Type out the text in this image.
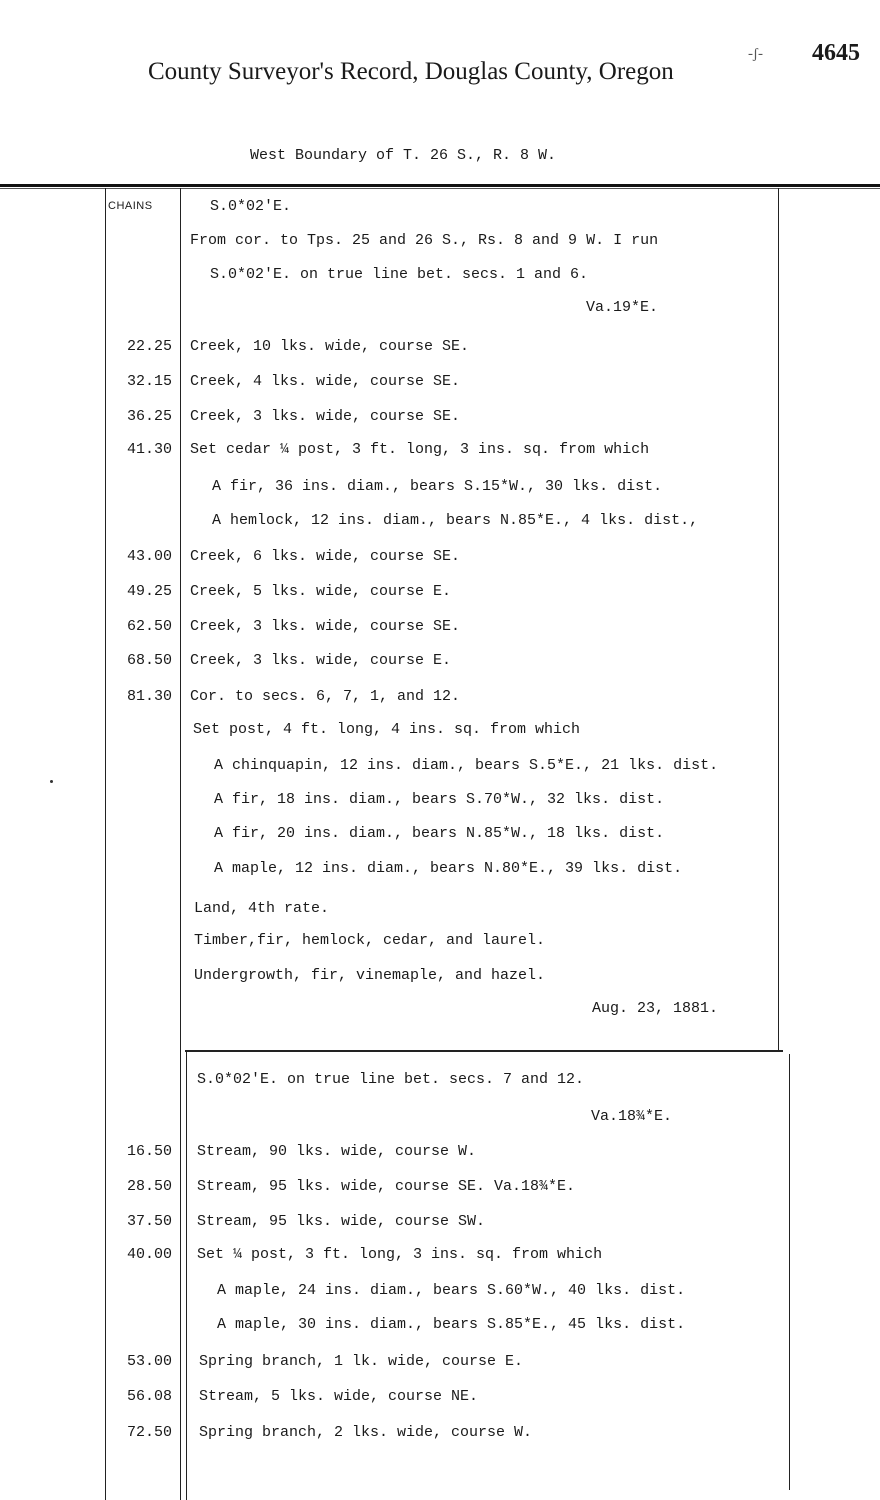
4645
-ʃ-
County Surveyor's Record, Douglas County, Oregon
West Boundary of T. 26 S., R. 8 W.
CHAINS	S.0*02'E.
From cor. to Tps. 25 and 26 S., Rs. 8 and 9 W. I run
S.0*02'E. on true line bet. secs. 1 and 6.
Va.19*E.
22.25 Creek, 10 lks. wide, course SE.
32.15 Creek, 4 lks. wide, course SE.
36.25 Creek, 3 lks. wide, course SE.
41.30 Set cedar ¼ post, 3 ft. long, 3 ins. sq. from which
A fir, 36 ins. diam., bears S.15*W., 30 lks. dist.
A hemlock, 12 ins. diam., bears N.85*E., 4 lks. dist.,
43.00 Creek, 6 lks. wide, course SE.
49.25 Creek, 5 lks. wide, course E.
62.50 Creek, 3 lks. wide, course SE.
68.50 Creek, 3 lks. wide, course E.
81.30 Cor. to secs. 6, 7, 1, and 12.
Set post, 4 ft. long, 4 ins. sq. from which
A chinquapin, 12 ins. diam., bears S.5*E., 21 lks. dist.
A fir, 18 ins. diam., bears S.70*W., 32 lks. dist.
A fir, 20 ins. diam., bears N.85*W., 18 lks. dist.
A maple, 12 ins. diam., bears N.80*E., 39 lks. dist.
Land, 4th rate.
Timber,fir, hemlock, cedar, and laurel.
Undergrowth, fir, vinemaple, and hazel.
Aug. 23, 1881.
S.0*02'E. on true line bet. secs. 7 and 12.
Va.18¾*E.
16.50 Stream, 90 lks. wide, course W.
28.50 Stream, 95 lks. wide, course SE. Va.18¾*E.
37.50 Stream, 95 lks. wide, course SW.
40.00 Set ¼ post, 3 ft. long, 3 ins. sq. from which
A maple, 24 ins. diam., bears S.60*W., 40 lks. dist.
A maple, 30 ins. diam., bears S.85*E., 45 lks. dist.
53.00 Spring branch, 1 lk. wide, course E.
56.08 Stream, 5 lks. wide, course NE.
72.50 Spring branch, 2 lks. wide, course W.
